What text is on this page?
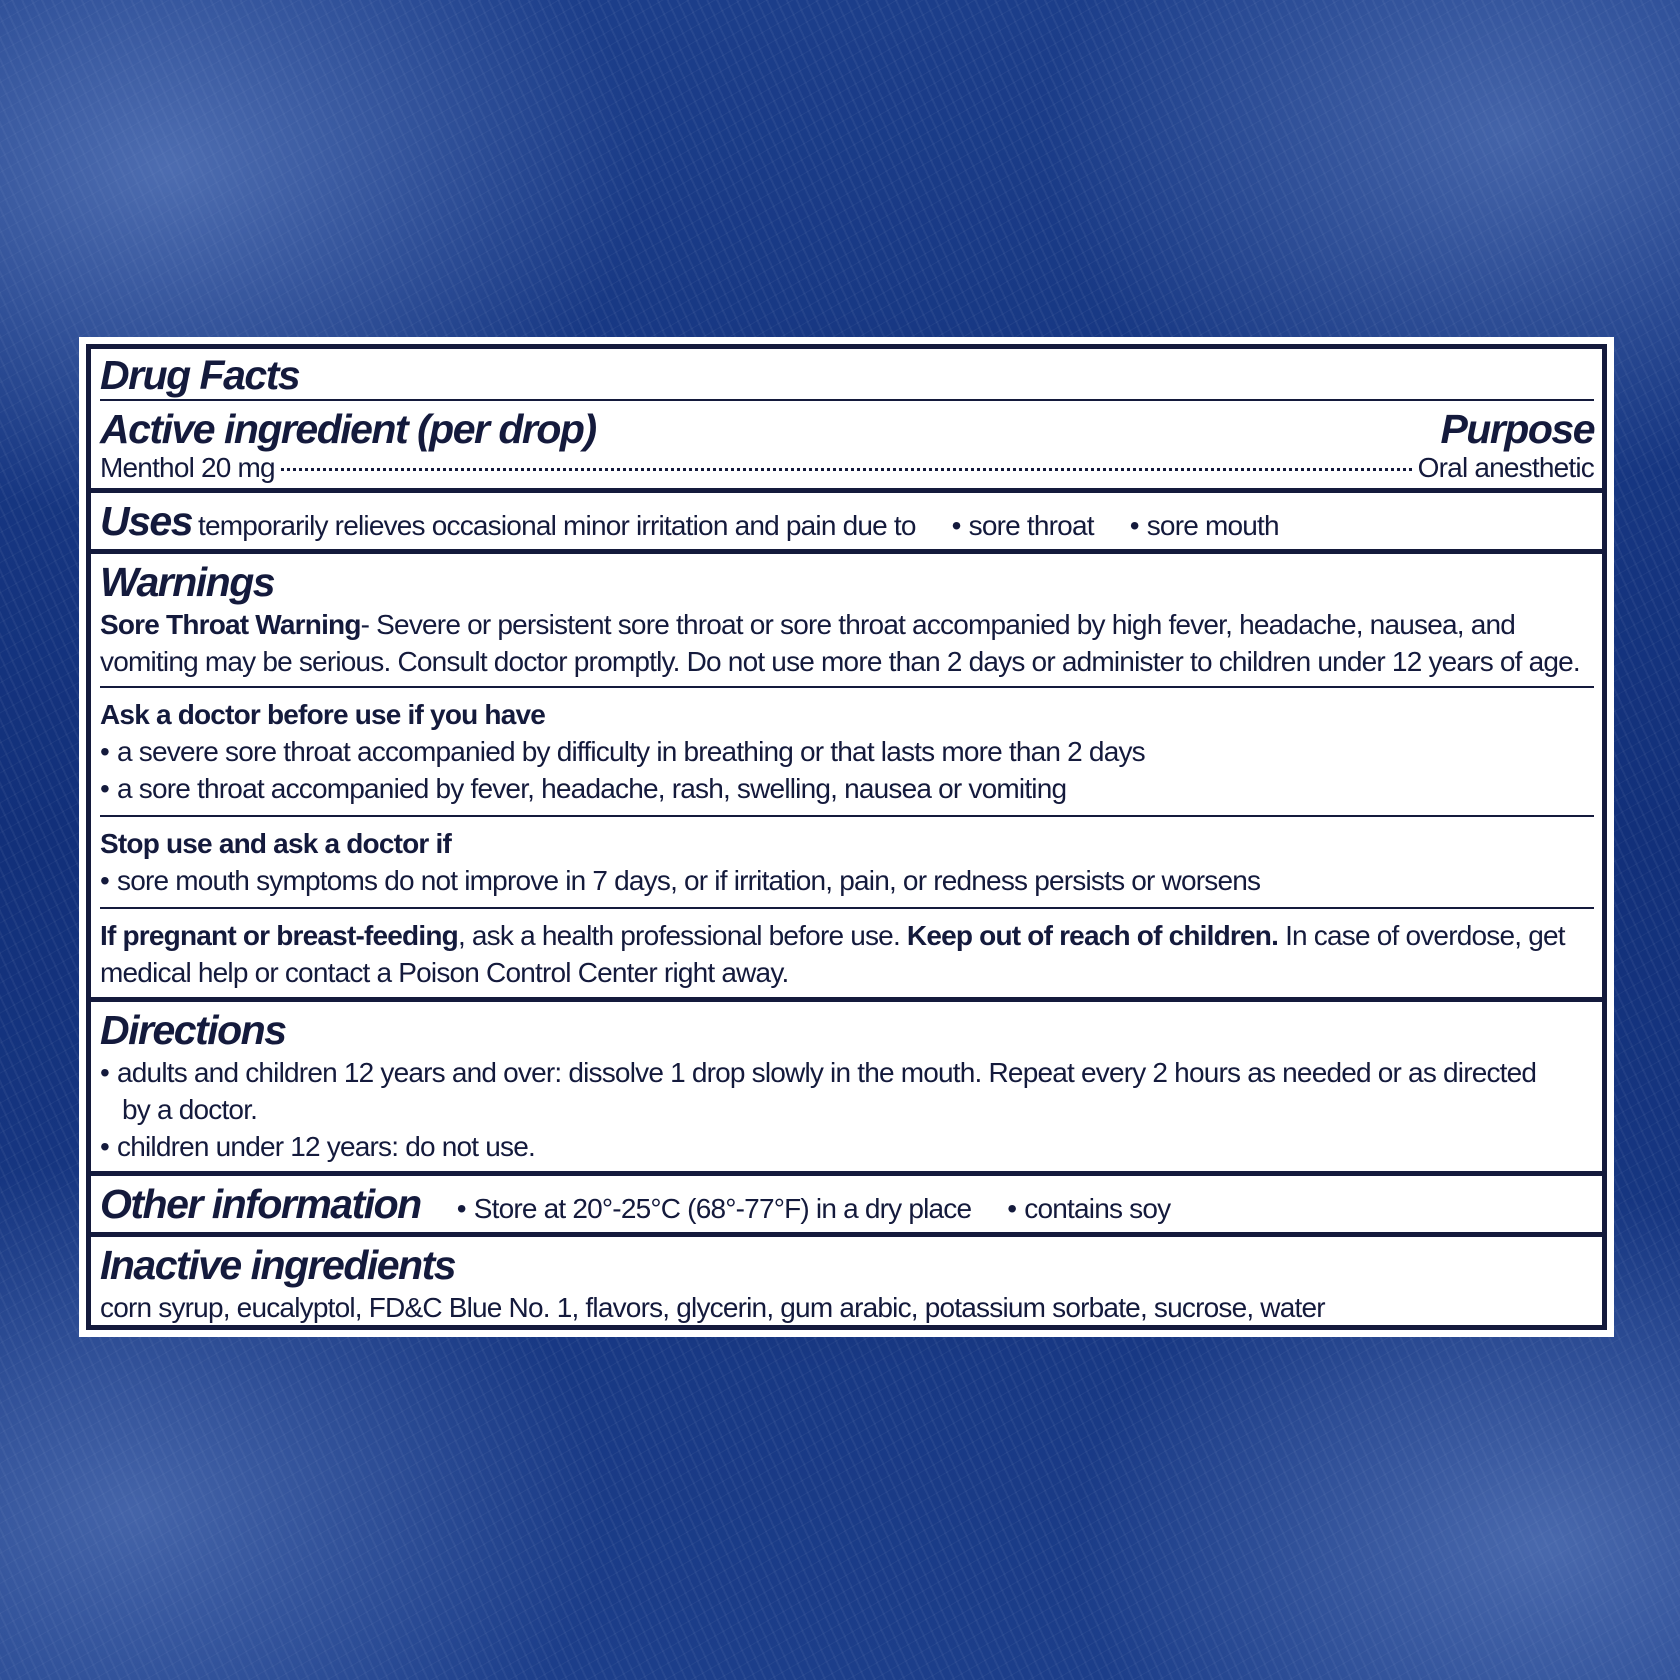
Drug Facts
Active ingredient (per drop)	Purpose
Menthol 20 mg	Oral anesthetic
Uses temporarily relieves occasional minor irritation and pain due to	• sore throat	• sore mouth
Warnings
Sore Throat Warning- Severe or persistent sore throat or sore throat accompanied by high fever, headache, nausea, and vomiting may be serious. Consult doctor promptly. Do not use more than 2 days or administer to children under 12 years of age.
Ask a doctor before use if you have
• a severe sore throat accompanied by difficulty in breathing or that lasts more than 2 days
• a sore throat accompanied by fever, headache, rash, swelling, nausea or vomiting
Stop use and ask a doctor if
• sore mouth symptoms do not improve in 7 days, or if irritation, pain, or redness persists or worsens
If pregnant or breast-feeding, ask a health professional before use. Keep out of reach of children. In case of overdose, get medical help or contact a Poison Control Center right away.
Directions
• adults and children 12 years and over: dissolve 1 drop slowly in the mouth. Repeat every 2 hours as needed or as directed by a doctor.
• children under 12 years: do not use.
Other information	• Store at 20°-25°C (68°-77°F) in a dry place	• contains soy
Inactive ingredients
corn syrup, eucalyptol, FD&C Blue No. 1, flavors, glycerin, gum arabic, potassium sorbate, sucrose, water
